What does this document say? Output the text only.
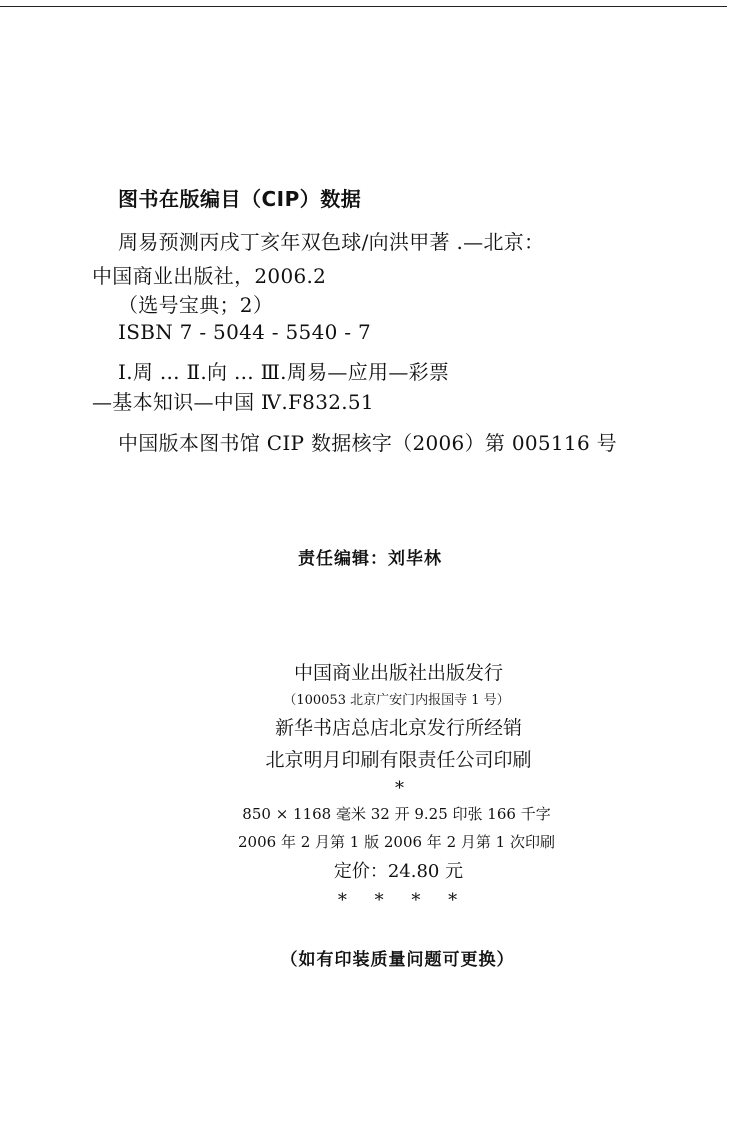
图书在版编目（CIP）数据
周易预测丙戌丁亥年双色球/向洪甲著 .—北京：
中国商业出版社，2006.2
（选号宝典；2）
ISBN 7 - 5044 - 5540 - 7
Ⅰ.周 ... Ⅱ.向 ... Ⅲ.周易—应用—彩票
—基本知识—中国 Ⅳ.F832.51
中国版本图书馆 CIP 数据核字（2006）第 005116 号
责任编辑：刘毕林
中国商业出版社出版发行
（100053 北京广安门内报国寺 1 号）
新华书店总店北京发行所经销
北京明月印刷有限责任公司印刷
*
850 × 1168 毫米 32 开 9.25 印张 166 千字
2006 年 2 月第 1 版 2006 年 2 月第 1 次印刷
定价：24.80 元
* * * *
（如有印装质量问题可更换）
